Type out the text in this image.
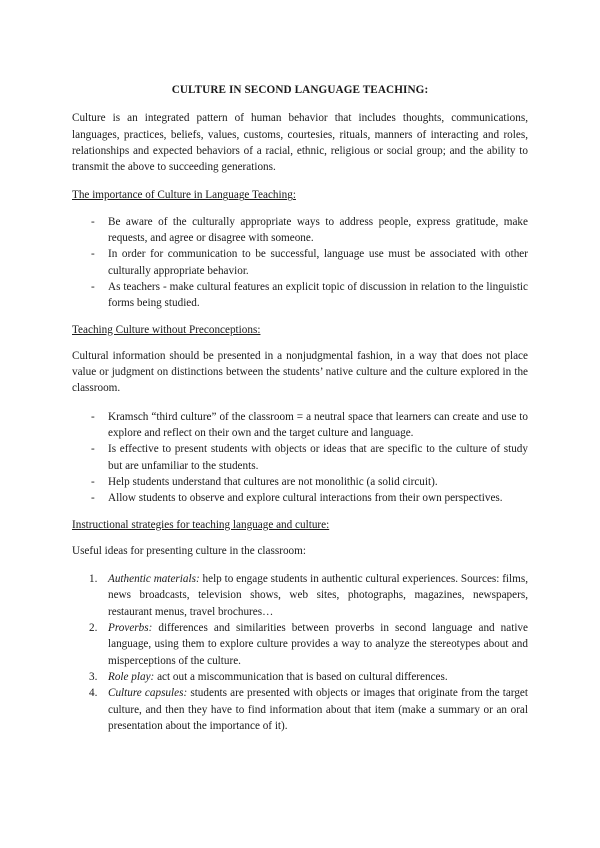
CULTURE IN SECOND LANGUAGE TEACHING:

Culture is an integrated pattern of human behavior that includes thoughts, communications, languages, practices, beliefs, values, customs, courtesies, rituals, manners of interacting and roles, relationships and expected behaviors of a racial, ethnic, religious or social group; and the ability to transmit the above to succeeding generations.

The importance of Culture in Language Teaching:

- Be aware of the culturally appropriate ways to address people, express gratitude, make requests, and agree or disagree with someone.
- In order for communication to be successful, language use must be associated with other culturally appropriate behavior.
- As teachers - make cultural features an explicit topic of discussion in relation to the linguistic forms being studied.

Teaching Culture without Preconceptions:

Cultural information should be presented in a nonjudgmental fashion, in a way that does not place value or judgment on distinctions between the students’ native culture and the culture explored in the classroom.

- Kramsch “third culture” of the classroom = a neutral space that learners can create and use to explore and reflect on their own and the target culture and language.
- Is effective to present students with objects or ideas that are specific to the culture of study but are unfamiliar to the students.
- Help students understand that cultures are not monolithic (a solid circuit).
- Allow students to observe and explore cultural interactions from their own perspectives.

Instructional strategies for teaching language and culture:

Useful ideas for presenting culture in the classroom:

1. Authentic materials: help to engage students in authentic cultural experiences. Sources: films, news broadcasts, television shows, web sites, photographs, magazines, newspapers, restaurant menus, travel brochures…
2. Proverbs: differences and similarities between proverbs in second language and native language, using them to explore culture provides a way to analyze the stereotypes about and misperceptions of the culture.
3. Role play: act out a miscommunication that is based on cultural differences.
4. Culture capsules: students are presented with objects or images that originate from the target culture, and then they have to find information about that item (make a summary or an oral presentation about the importance of it).
